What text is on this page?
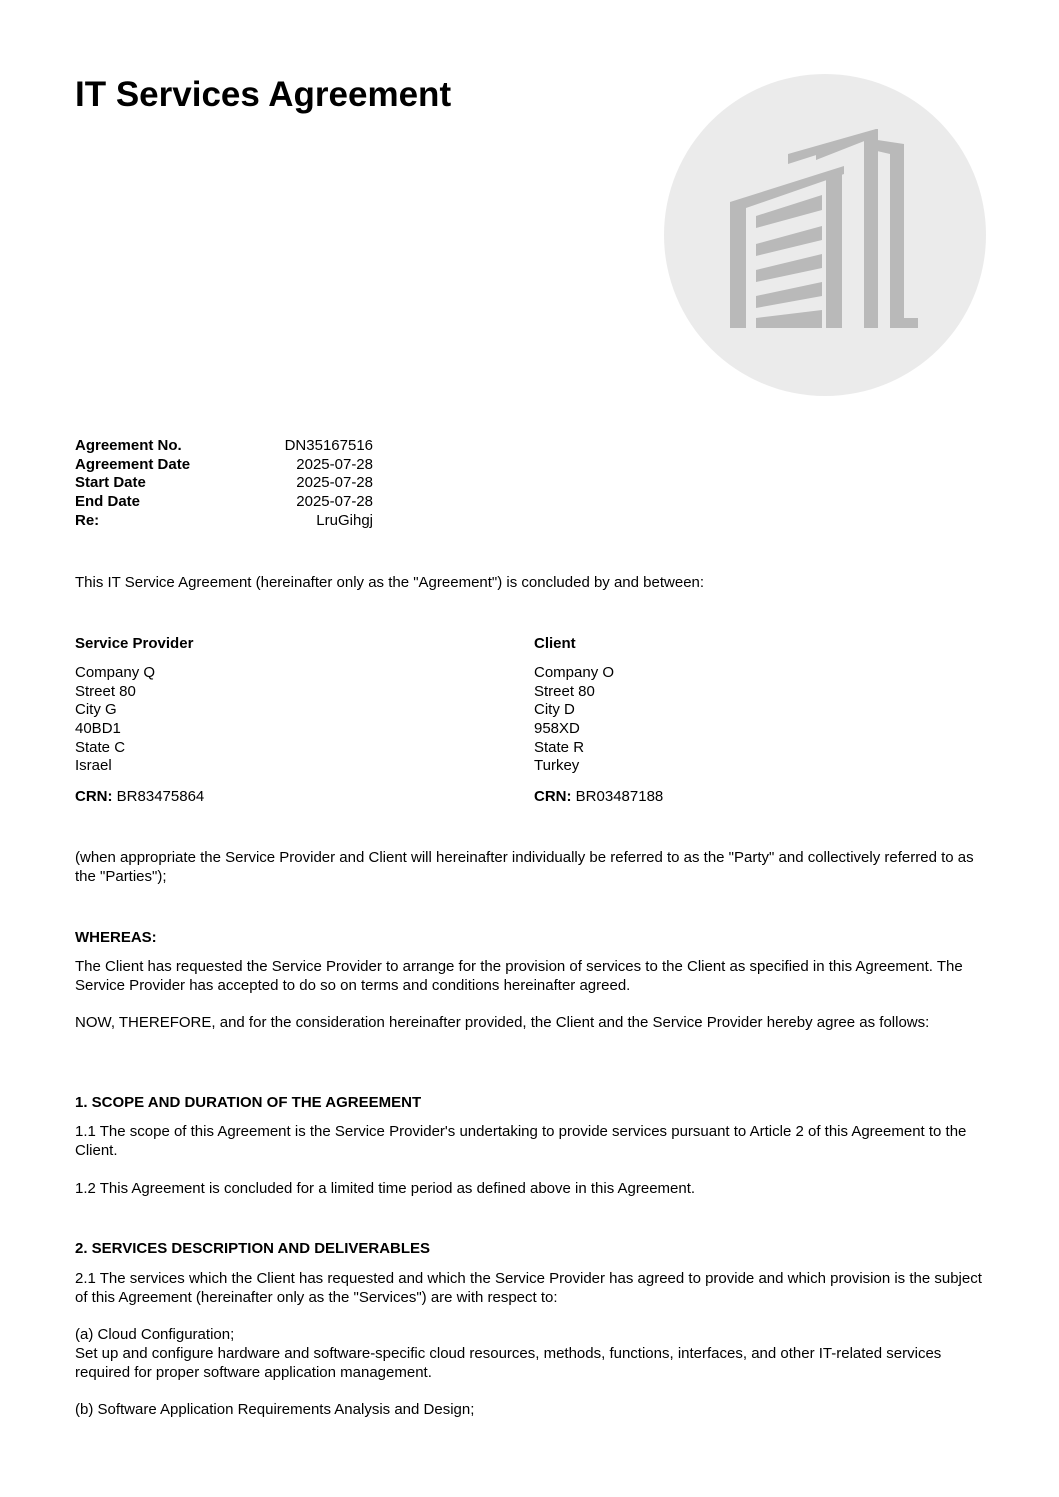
IT Services Agreement
Agreement No.	DN35167516
Agreement Date	2025-07-28
Start Date	2025-07-28
End Date	2025-07-28
Re:	LruGihgj

This IT Service Agreement (hereinafter only as the "Agreement") is concluded by and between:

Service Provider
Company Q
Street 80
City G
40BD1
State C
Israel
CRN: BR83475864
Client
Company O
Street 80
City D
958XD
State R
Turkey
CRN: BR03487188

(when appropriate the Service Provider and Client will hereinafter individually be referred to as the "Party" and collectively referred to as the "Parties");

WHEREAS:

The Client has requested the Service Provider to arrange for the provision of services to the Client as specified in this Agreement. The Service Provider has accepted to do so on terms and conditions hereinafter agreed.

NOW, THEREFORE, and for the consideration hereinafter provided, the Client and the Service Provider hereby agree as follows:

1. SCOPE AND DURATION OF THE AGREEMENT

1.1 The scope of this Agreement is the Service Provider's undertaking to provide services pursuant to Article 2 of this Agreement to the Client.

1.2 This Agreement is concluded for a limited time period as defined above in this Agreement.

2. SERVICES DESCRIPTION AND DELIVERABLES

2.1 The services which the Client has requested and which the Service Provider has agreed to provide and which provision is the subject of this Agreement (hereinafter only as the "Services") are with respect to:

(a) Cloud Configuration;

Set up and configure hardware and software-specific cloud resources, methods, functions, interfaces, and other IT-related services required for proper software application management.

(b) Software Application Requirements Analysis and Design;
